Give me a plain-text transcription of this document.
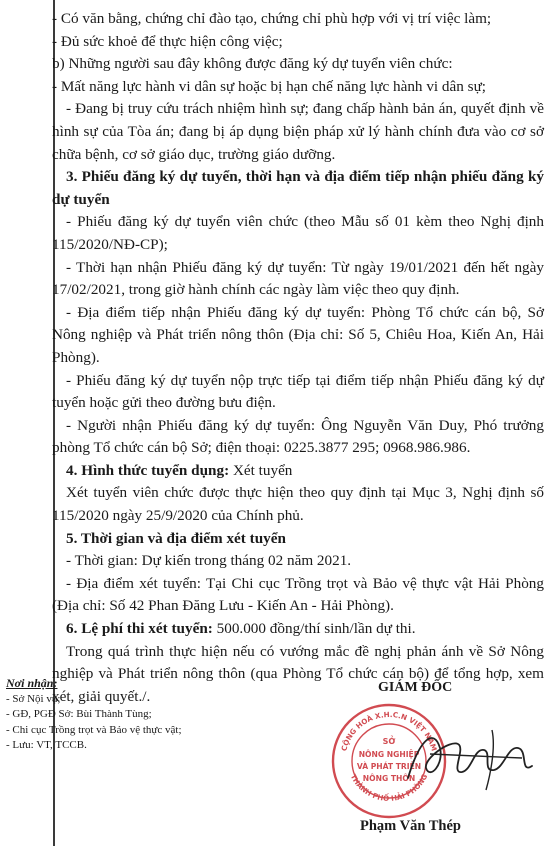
- Có văn bằng, chứng chỉ đào tạo, chứng chỉ phù hợp với vị trí việc làm;

- Đủ sức khoẻ để thực hiện công việc;

b) Những người sau đây không được đăng ký dự tuyển viên chức:

- Mất năng lực hành vi dân sự hoặc bị hạn chế năng lực hành vi dân sự;

- Đang bị truy cứu trách nhiệm hình sự; đang chấp hành bản án, quyết định về hình sự của Tòa án; đang bị áp dụng biện pháp xử lý hành chính đưa vào cơ sở chữa bệnh, cơ sở giáo dục, trường giáo dưỡng.

3. Phiếu đăng ký dự tuyển, thời hạn và địa điểm tiếp nhận phiếu đăng ký dự tuyển

- Phiếu đăng ký dự tuyển viên chức (theo Mẫu số 01 kèm theo Nghị định 115/2020/NĐ-CP);

- Thời hạn nhận Phiếu đăng ký dự tuyển: Từ ngày 19/01/2021 đến hết ngày 17/02/2021, trong giờ hành chính các ngày làm việc theo quy định.

- Địa điểm tiếp nhận Phiếu đăng ký dự tuyển: Phòng Tổ chức cán bộ, Sở Nông nghiệp và Phát triển nông thôn (Địa chỉ: Số 5, Chiêu Hoa, Kiến An, Hải Phòng).

- Phiếu đăng ký dự tuyển nộp trực tiếp tại điểm tiếp nhận Phiếu đăng ký dự tuyển hoặc gửi theo đường bưu điện.

- Người nhận Phiếu đăng ký dự tuyển: Ông Nguyễn Văn Duy, Phó trưởng phòng Tổ chức cán bộ Sở; điện thoại: 0225.3877 295; 0968.986.986.

4. Hình thức tuyển dụng: Xét tuyển

Xét tuyển viên chức được thực hiện theo quy định tại Mục 3, Nghị định số 115/2020 ngày 25/9/2020 của Chính phủ.

5. Thời gian và địa điểm xét tuyển

- Thời gian: Dự kiến trong tháng 02 năm 2021.

- Địa điểm xét tuyển: Tại Chi cục Trồng trọt và Bảo vệ thực vật Hải Phòng (Địa chỉ: Số 42 Phan Đăng Lưu - Kiến An - Hải Phòng).

6. Lệ phí thi xét tuyển: 500.000 đồng/thí sinh/lần dự thi.

Trong quá trình thực hiện nếu có vướng mắc đề nghị phản ánh về Sở Nông nghiệp và Phát triển nông thôn (qua Phòng Tổ chức cán bộ) để tổng hợp, xem xét, giải quyết./.

Nơi nhận:
- Sở Nội vụ;
- GĐ, PGĐ Sở: Bùi Thành Tùng;
- Chi cục Trồng trọt và Bảo vệ thực vật;
- Lưu: VT, TCCB.
GIÁM ĐỐC
CỘNG HOÀ X.H.C.N VIỆT NAM
THÀNH PHỐ HẢI PHÒNG
SỞ
NÔNG NGHIỆP
VÀ PHÁT TRIỂN
NÔNG THÔN
Phạm Văn Thép
